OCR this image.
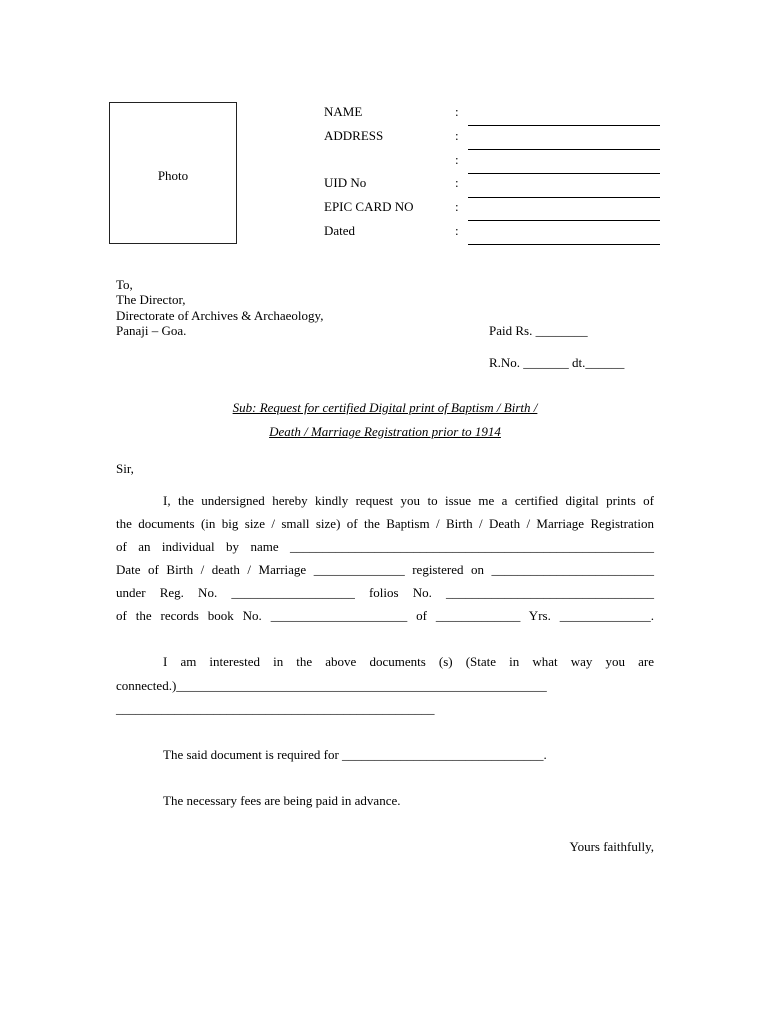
Photo
NAME	:
ADDRESS	:
:
UID No	:
EPIC CARD NO	:
Dated	:
To,
The Director,
Directorate of Archives & Archaeology,
Panaji – Goa.	Paid Rs. ________
R.No. _______ dt.______
Sub: Request for certified Digital print of Baptism / Birth /
Death / Marriage Registration prior to 1914
Sir,
I, the undersigned hereby kindly request you to issue me a certified digital prints of
the documents (in big size / small size) of the Baptism / Birth / Death / Marriage Registration
of an individual by name ________________________________________________________
Date of Birth / death / Marriage ______________ registered on _________________________
under Reg. No. ___________________ folios No. ________________________________
of the records book No. _____________________ of _____________ Yrs. ______________.
I am interested in the above documents (s) (State in what way you are
connected.)_________________________________________________________
_________________________________________________
The said document is required for _______________________________.
The necessary fees are being paid in advance.
Yours faithfully,
